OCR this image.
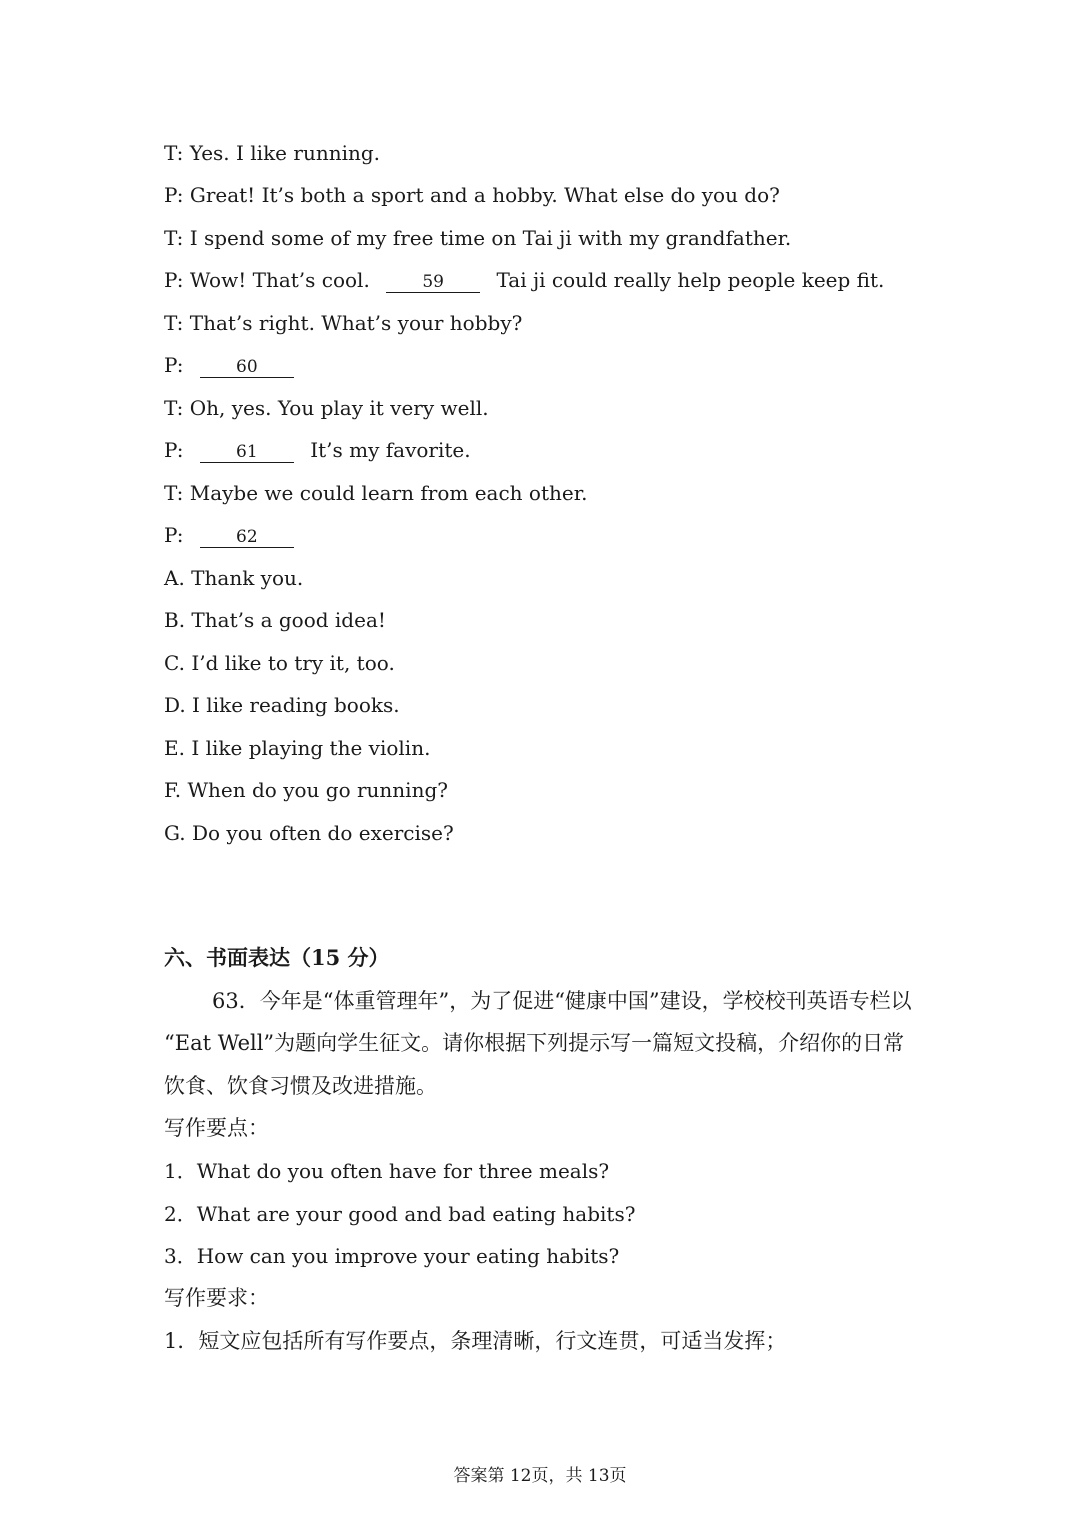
T: Yes. I like running.
P: Great! It’s both a sport and a hobby. What else do you do?
T: I spend some of my free time on Tai ji with my grandfather.
P: Wow! That’s cool.	59	Tai ji could really help people keep fit.
T: That’s right. What’s your hobby?
P:	60
T: Oh, yes. You play it very well.
P:	61	It’s my favorite.
T: Maybe we could learn from each other.
P:	62
A. Thank you.
B. That’s a good idea!
C. I’d like to try it, too.
D. I like reading books.
E. I like playing the violin.
F. When do you go running?
G. Do you often do exercise?
六、书面表达（15 分）
63．今年是“体重管理年”，为了促进“健康中国”建设，学校校刊英语专栏以
“Eat Well”为题向学生征文。请你根据下列提示写一篇短文投稿，介绍你的日常
饮食、饮食习惯及改进措施。
写作要点：
1．What do you often have for three meals?
2．What are your good and bad eating habits?
3．How can you improve your eating habits?
写作要求：
1．短文应包括所有写作要点，条理清晰，行文连贯，可适当发挥；
答案第 12页，共 13页
